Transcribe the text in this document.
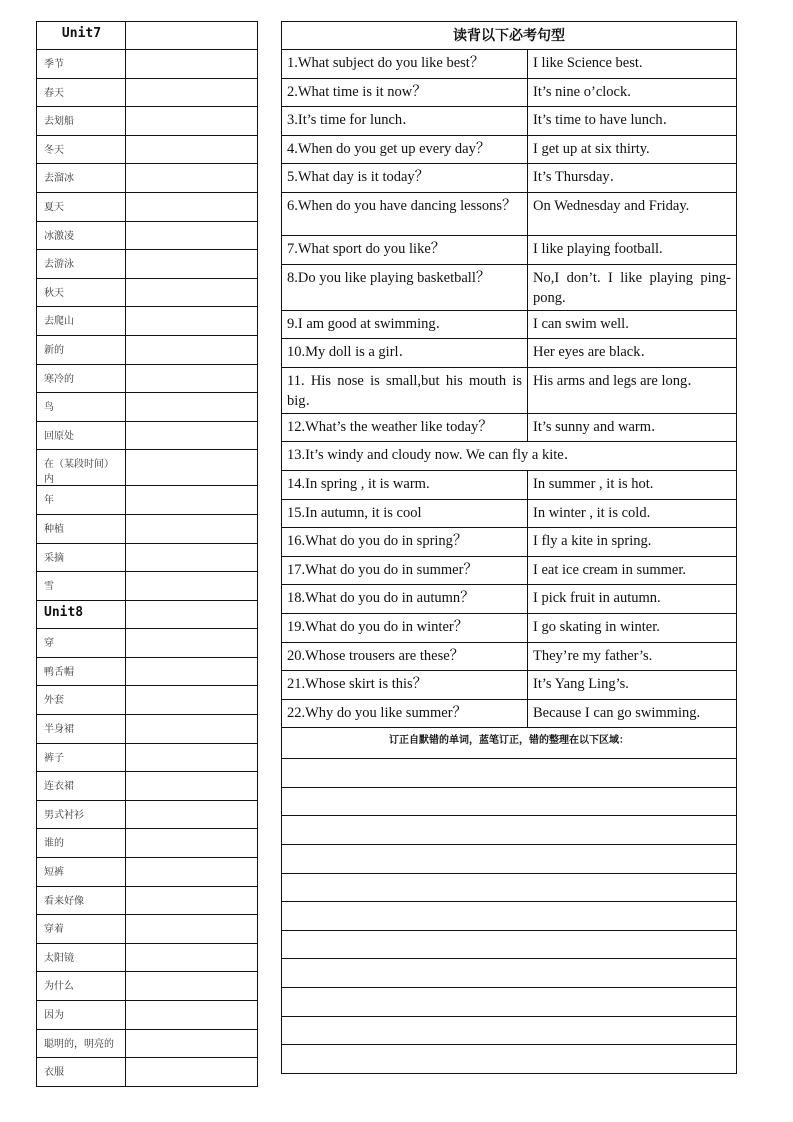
Unit7	
季节	
春天	
去划船	
冬天	
去溜冰	
夏天	
冰激凌	
去游泳	
秋天	
去爬山	
新的	
寒冷的	
鸟	
回原处	
在（某段时间）内	
年	
种植	
采摘	
雪	
Unit8	
穿	
鸭舌帽	
外套	
半身裙	
裤子	
连衣裙	
男式衬衫	
谁的	
短裤	
看来好像	
穿着	
太阳镜	
为什么	
因为	
聪明的，明亮的	
衣服	
读背以下必考句型	
1.What subject do you like best？	I like Science best.
2.What time is it now？	It’s nine o’clock.
3.It’s time for lunch．	It’s time to have lunch．
4.When do you get up every day？	I get up at six thirty.
5.What day is it today？	It’s Thursday．
6.When do you have dancing lessons？	On Wednesday and Friday.
7.What sport do you like？	I like playing football.
8.Do you like playing basketball？	No,I don’t. I like playing ping-pong.
9.I am good at swimming．	I can swim well.
10.My doll is a girl．	Her eyes are black．
11. His nose is small,but his mouth is big．	His arms and legs are long．
12.What’s the weather like today？	It’s sunny and warm．
13.It’s windy and cloudy now. We can fly a kite．	
14.In spring , it is warm.	In summer , it is hot.
15.In autumn, it is cool	In winter , it is cold.
16.What do you do in spring？	I fly a kite in spring.
17.What do you do in summer？	I eat ice cream in summer.
18.What do you do in autumn？	I pick fruit in autumn.
19.What do you do in winter？	I go skating in winter.
20.Whose trousers are these？	They’re my father’s.
21.Whose skirt is this？	It’s Yang Ling’s.
22.Why do you like summer？	Because I can go swimming.
订正自默错的单词，蓝笔订正，错的整理在以下区域：	
